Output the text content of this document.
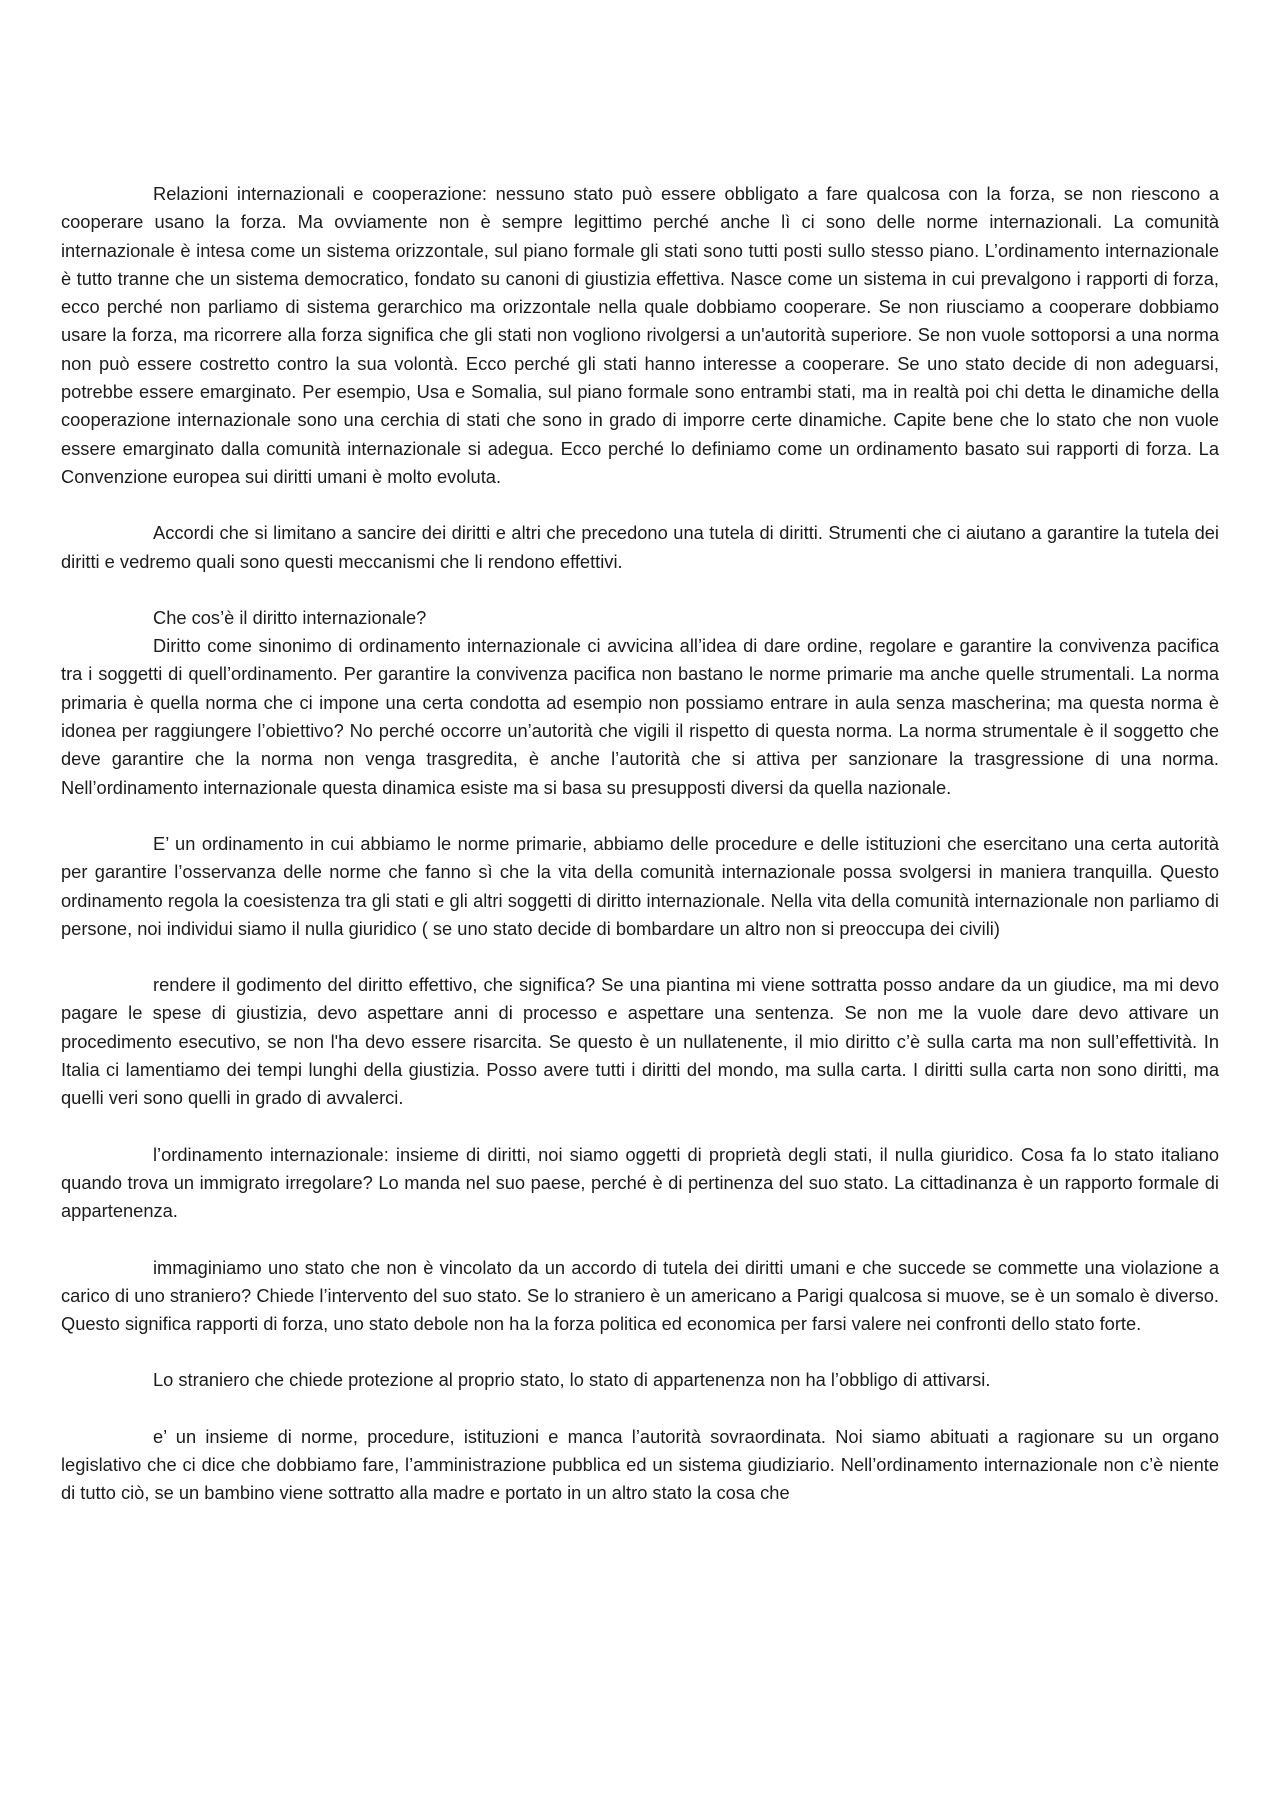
Relazioni internazionali e cooperazione: nessuno stato può essere obbligato a fare qualcosa con la forza, se non riescono a cooperare usano la forza. Ma ovviamente non è sempre legittimo perché anche lì ci sono delle norme internazionali. La comunità internazionale è intesa come un sistema orizzontale, sul piano formale gli stati sono tutti posti sullo stesso piano. L’ordinamento internazionale è tutto tranne che un sistema democratico, fondato su canoni di giustizia effettiva. Nasce come un sistema in cui prevalgono i rapporti di forza, ecco perché non parliamo di sistema gerarchico ma orizzontale nella quale dobbiamo cooperare. Se non riusciamo a cooperare dobbiamo usare la forza, ma ricorrere alla forza significa che gli stati non vogliono rivolgersi a un'autorità superiore. Se non vuole sottoporsi a una norma non può essere costretto contro la sua volontà. Ecco perché gli stati hanno interesse a cooperare. Se uno stato decide di non adeguarsi, potrebbe essere emarginato. Per esempio, Usa e Somalia, sul piano formale sono entrambi stati, ma in realtà poi chi detta le dinamiche della cooperazione internazionale sono una cerchia di stati che sono in grado di imporre certe dinamiche. Capite bene che lo stato che non vuole essere emarginato dalla comunità internazionale si adegua. Ecco perché lo definiamo come un ordinamento basato sui rapporti di forza. La Convenzione europea sui diritti umani è molto evoluta.

Accordi che si limitano a sancire dei diritti e altri che precedono una tutela di diritti. Strumenti che ci aiutano a garantire la tutela dei diritti e vedremo quali sono questi meccanismi che li rendono effettivi.

Che cos’è il diritto internazionale?

Diritto come sinonimo di ordinamento internazionale ci avvicina all’idea di dare ordine, regolare e garantire la convivenza pacifica tra i soggetti di quell’ordinamento. Per garantire la convivenza pacifica non bastano le norme primarie ma anche quelle strumentali. La norma primaria è quella norma che ci impone una certa condotta ad esempio non possiamo entrare in aula senza mascherina; ma questa norma è idonea per raggiungere l’obiettivo? No perché occorre un’autorità che vigili il rispetto di questa norma. La norma strumentale è il soggetto che deve garantire che la norma non venga trasgredita, è anche l’autorità che si attiva per sanzionare la trasgressione di una norma. Nell’ordinamento internazionale questa dinamica esiste ma si basa su presupposti diversi da quella nazionale.

E’ un ordinamento in cui abbiamo le norme primarie, abbiamo delle procedure e delle istituzioni che esercitano una certa autorità per garantire l’osservanza delle norme che fanno sì che la vita della comunità internazionale possa svolgersi in maniera tranquilla. Questo ordinamento regola la coesistenza tra gli stati e gli altri soggetti di diritto internazionale. Nella vita della comunità internazionale non parliamo di persone, noi individui siamo il nulla giuridico ( se uno stato decide di bombardare un altro non si preoccupa dei civili)

rendere il godimento del diritto effettivo, che significa? Se una piantina mi viene sottratta posso andare da un giudice, ma mi devo pagare le spese di giustizia, devo aspettare anni di processo e aspettare una sentenza. Se non me la vuole dare devo attivare un procedimento esecutivo, se non l'ha devo essere risarcita. Se questo è un nullatenente, il mio diritto c’è sulla carta ma non sull’effettività. In Italia ci lamentiamo dei tempi lunghi della giustizia. Posso avere tutti i diritti del mondo, ma sulla carta. I diritti sulla carta non sono diritti, ma quelli veri sono quelli in grado di avvalerci.

l’ordinamento internazionale: insieme di diritti, noi siamo oggetti di proprietà degli stati, il nulla giuridico. Cosa fa lo stato italiano quando trova un immigrato irregolare? Lo manda nel suo paese, perché è di pertinenza del suo stato. La cittadinanza è un rapporto formale di appartenenza.

immaginiamo uno stato che non è vincolato da un accordo di tutela dei diritti umani e che succede se commette una violazione a carico di uno straniero? Chiede l’intervento del suo stato. Se lo straniero è un americano a Parigi qualcosa si muove, se è un somalo è diverso. Questo significa rapporti di forza, uno stato debole non ha la forza politica ed economica per farsi valere nei confronti dello stato forte.

Lo straniero che chiede protezione al proprio stato, lo stato di appartenenza non ha l’obbligo di attivarsi.

e’ un insieme di norme, procedure, istituzioni e manca l’autorità sovraordinata. Noi siamo abituati a ragionare su un organo legislativo che ci dice che dobbiamo fare, l’amministrazione pubblica ed un sistema giudiziario. Nell’ordinamento internazionale non c’è niente di tutto ciò, se un bambino viene sottratto alla madre e portato in un altro stato la cosa che
